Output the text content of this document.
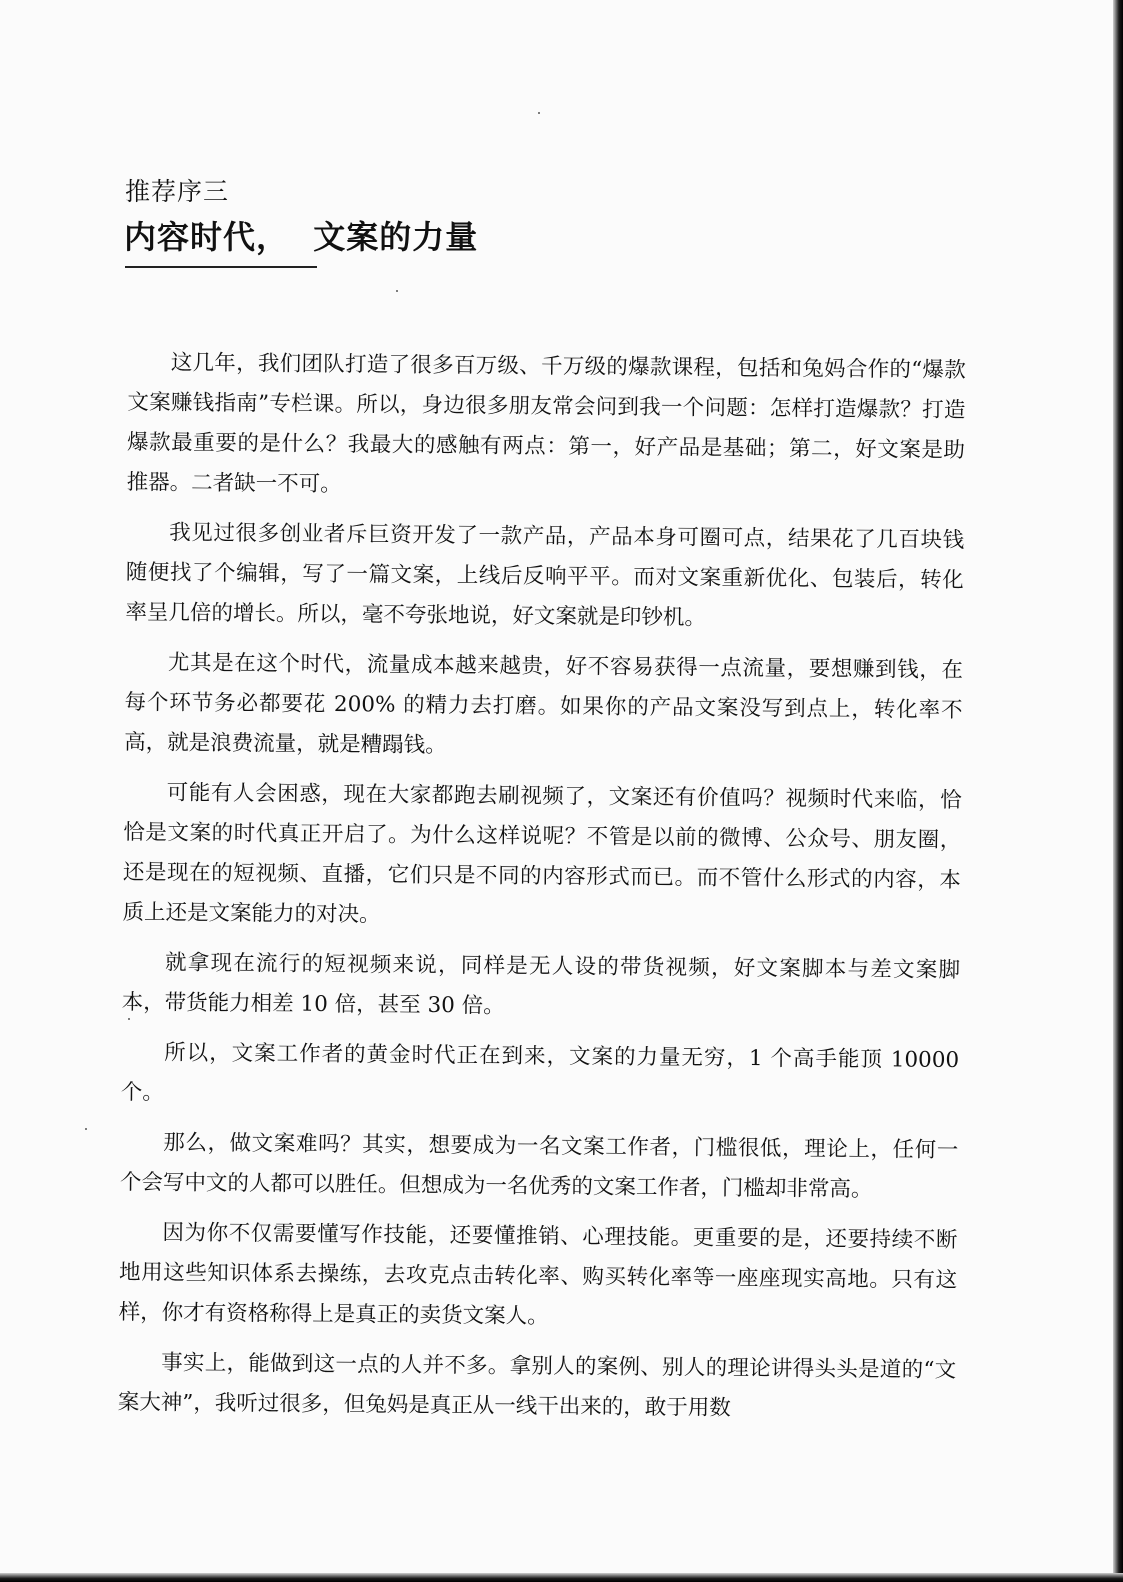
推荐序三
内容时代，  文案的力量

这几年，我们团队打造了很多百万级、千万级的爆款课程，包括和兔妈合作的“爆款文案赚钱指南”专栏课。所以，身边很多朋友常会问到我一个问题：怎样打造爆款？打造爆款最重要的是什么？我最大的感触有两点：第一，好产品是基础；第二，好文案是助推器。二者缺一不可。

我见过很多创业者斥巨资开发了一款产品，产品本身可圈可点，结果花了几百块钱随便找了个编辑，写了一篇文案，上线后反响平平。而对文案重新优化、包装后，转化率呈几倍的增长。所以，毫不夸张地说，好文案就是印钞机。

尤其是在这个时代，流量成本越来越贵，好不容易获得一点流量，要想赚到钱，在每个环节务必都要花 200% 的精力去打磨。如果你的产品文案没写到点上，转化率不高，就是浪费流量，就是糟蹋钱。

可能有人会困惑，现在大家都跑去刷视频了，文案还有价值吗？视频时代来临，恰恰是文案的时代真正开启了。为什么这样说呢？不管是以前的微博、公众号、朋友圈，还是现在的短视频、直播，它们只是不同的内容形式而已。而不管什么形式的内容，本质上还是文案能力的对决。

就拿现在流行的短视频来说，同样是无人设的带货视频，好文案脚本与差文案脚本，带货能力相差 10 倍，甚至 30 倍。

所以，文案工作者的黄金时代正在到来，文案的力量无穷，1 个高手能顶 10000 个。

那么，做文案难吗？其实，想要成为一名文案工作者，门槛很低，理论上，任何一个会写中文的人都可以胜任。但想成为一名优秀的文案工作者，门槛却非常高。

因为你不仅需要懂写作技能，还要懂推销、心理技能。更重要的是，还要持续不断地用这些知识体系去操练，去攻克点击转化率、购买转化率等一座座现实高地。只有这样，你才有资格称得上是真正的卖货文案人。

事实上，能做到这一点的人并不多。拿别人的案例、别人的理论讲得头头是道的“文案大神”，我听过很多，但兔妈是真正从一线干出来的，敢于用数
